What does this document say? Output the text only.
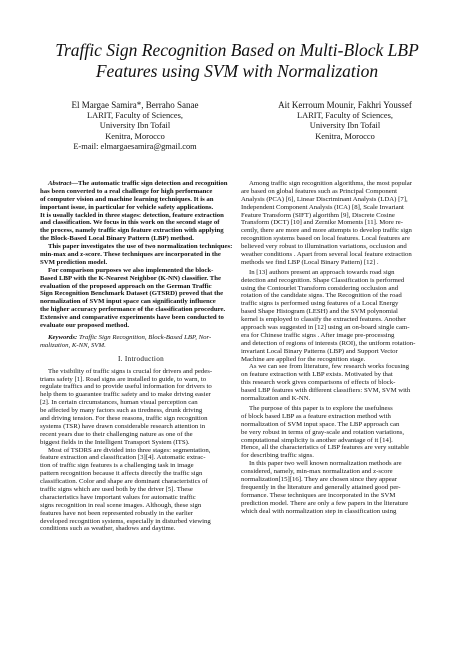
Traffic Sign Recognition Based on Multi-Block LBP
Features using SVM with Normalization
El Margae Samira*, Berraho Sanae
LARIT, Faculty of Sciences,
University Ibn Tofail
Kenitra, Morocco
E-mail: elmargaesamira@gmail.com
Ait Kerroum Mounir, Fakhri Youssef
LARIT, Faculty of Sciences,
University Ibn Tofail
Kenitra, Morocco
Abstract—The automatic traffic sign detection and recognition
has been converted to a real challenge for high performance
of computer vision and machine learning techniques. It is an
important issue, in particular for vehicle safety applications.
It is usually tackled in three stages: detection, feature extraction
and classification. We focus in this work on the second stage of
the process, namely traffic sign feature extraction with applying
the Block-Based Local Binary Pattern (LBP) method.
This paper investigates the use of two normalization techniques:
min-max and z-score. These techniques are incorporated in the
SVM prediction model.
For comparison purposes we also implemented the block-
Based LBP with the K-Nearest Neighbor (K-NN) classifier. The
evaluation of the proposed approach on the German Traffic
Sign Recognition Benchmark Dataset (GTSRD) proved that the
normalization of SVM input space can significantly influence
the higher accuracy performance of the classification procedure.
Extensive and comparative experiments have been conducted to
evaluate our proposed method.
Keywords: Traffic Sign Recognition, Block-Based LBP, Nor-
malization, K-NN, SVM.
I. Introduction
The visibility of traffic signs is crucial for drivers and pedes-
trians safety [1]. Road signs are installed to guide, to warn, to
regulate traffics and to provide useful information for drivers to
help them to guarantee traffic safety and to make driving easier
[2]. In certain circumstances, human visual perception can
be affected by many factors such as tiredness, drunk driving
and driving tension. For these reasons, traffic sign recognition
systems (TSR) have drawn considerable research attention in
recent years due to their challenging nature as one of the
biggest fields in the Intelligent Transport System (ITS).
Most of TSDRS are divided into three stages: segmentation,
feature extraction and classification [3][4]. Automatic extrac-
tion of traffic sign features is a challenging task in image
pattern recognition because it affects directly the traffic sign
classification. Color and shape are dominant characteristics of
traffic signs which are used both by the driver [5]. These
characteristics have important values for automatic traffic
signs recognition in real scene images. Although, these sign
features have not been represented robustly in the earlier
developed recognition systems, especially in disturbed viewing
conditions such as weather, shadows and daytime.
Among traffic sign recognition algorithms, the most popular
are based on global features such as Principal Component
Analysis (PCA) [6], Linear Discriminant Analysis (LDA) [7],
Independent Component Analysis (ICA) [8], Scale Invariant
Feature Transform (SIFT) algorithm [9], Discrete Cosine
Transform (DCT) [10] and Zernike Moments [11]. More re-
cently, there are more and more attempts to develop traffic sign
recognition systems based on local features. Local features are
believed very robust to illumination variations, occlusion and
weather conditions . Apart from several local feature extraction
methods we find LBP (Local Binary Pattern) [12] .
In [13] authors present an approach towards road sign
detection and recognition. Shape Classification is performed
using the Contourlet Transform considering occlusion and
rotation of the candidate signs. The Recognition of the road
traffic signs is performed using features of a Local Energy
based Shape Histogram (LESH) and the SVM polynomial
kernel is employed to classify the extracted features. Another
approach was suggested in [12] using an on-board single cam-
era for Chinese traffic signs . After image pre-processing
and detection of regions of interests (ROI), the uniform rotation-
invariant Local Binary Patterns (LBP) and Support Vector
Machine are applied for the recognition stage.
As we can see from literature, few research works focusing
on feature extraction with LBP exists. Motivated by that
this research work gives comparisons of effects of block-
based LBP features with different classifiers: SVM, SVM with
normalization and K-NN.
The purpose of this paper is to explore the usefulness
of block based LBP as a feature extraction method with
normalization of SVM input space. The LBP approach can
be very robust in terms of gray-scale and rotation variations,
computational simplicity is another advantage of it [14].
Hence, all the characteristics of LBP features are very suitable
for describing traffic signs.
In this paper two well known normalization methods are
considered, namely, min-max normalization and z-score
normalization[15][16]. They are chosen since they appear
frequently in the literature and generally attained good per-
formance. These techniques are incorporated in the SVM
prediction model. There are only a few papers in the literature
which deal with normalization step in classification using
